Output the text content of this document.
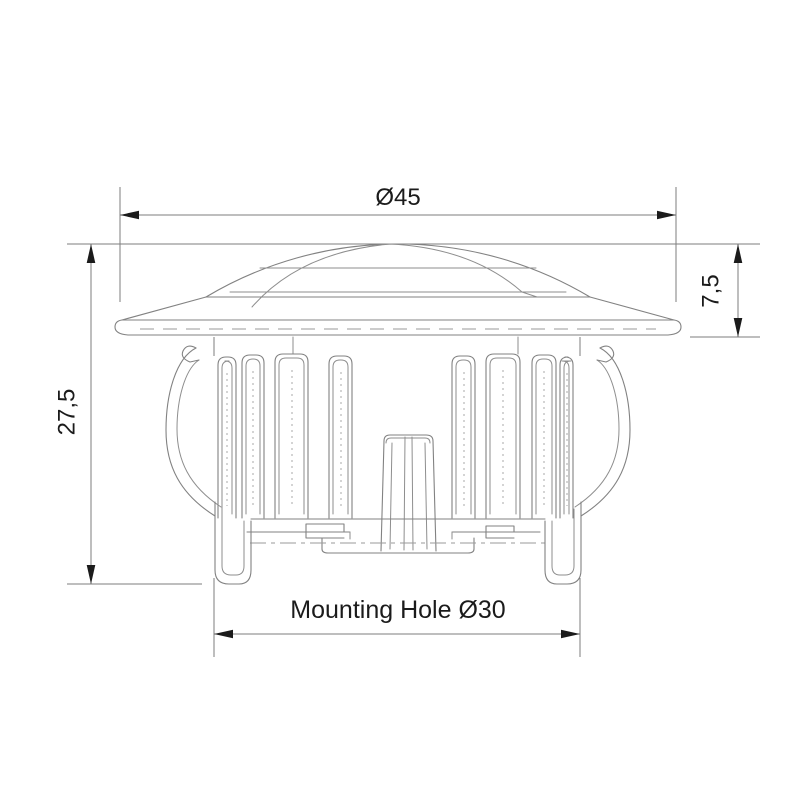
Ø45
7,5
27,5
Mounting Hole Ø30
